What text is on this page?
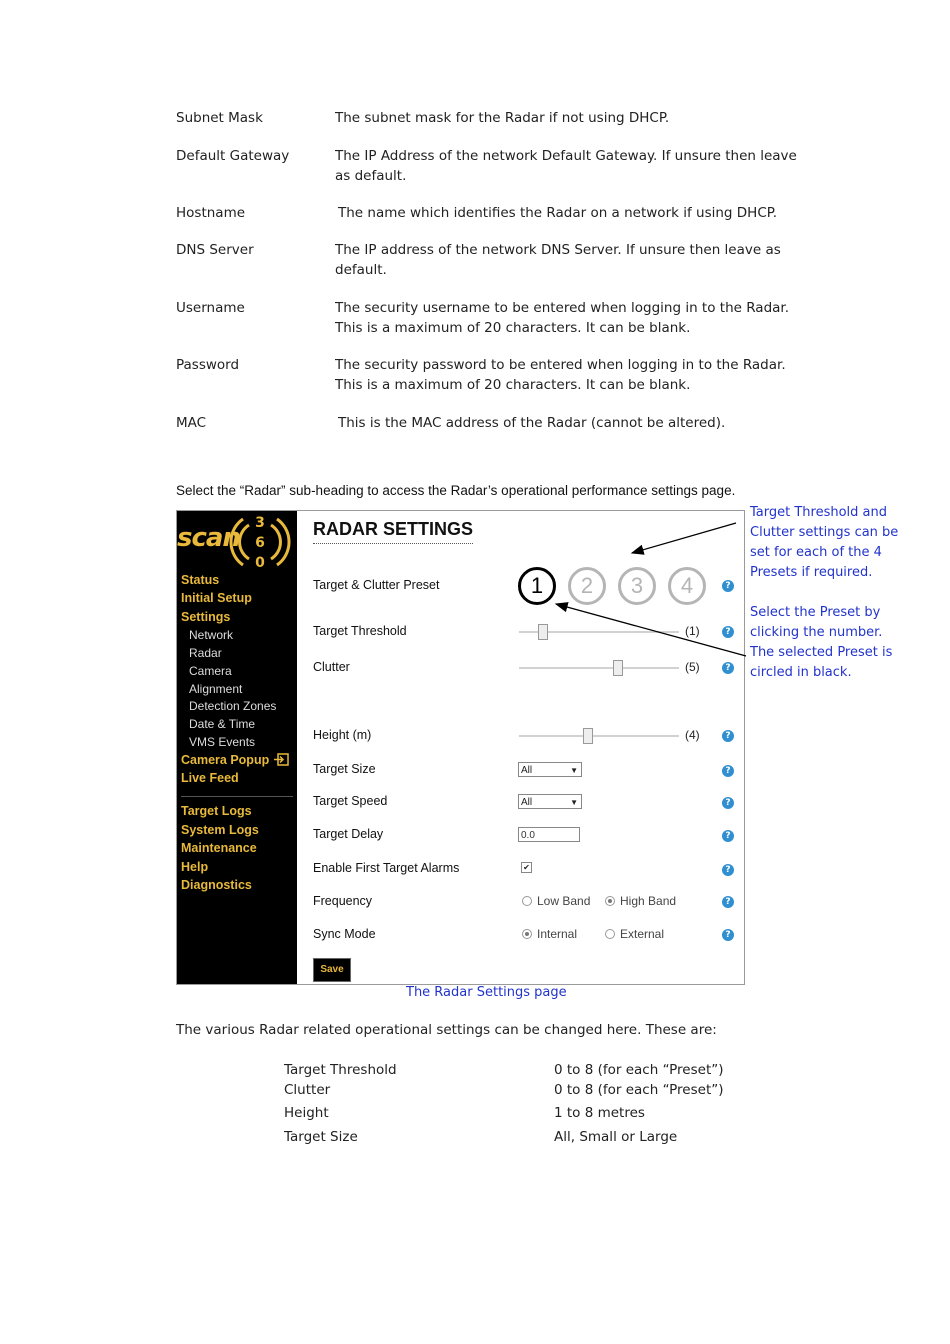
Subnet Mask	The subnet mask for the Radar if not using DHCP.
Default Gateway	The IP Address of the network Default Gateway. If unsure then leave as default.
Hostname	The name which identifies the Radar on a network if using DHCP.
DNS Server	The IP address of the network DNS Server. If unsure then leave as default.
Username	The security username to be entered when logging in to the Radar. This is a maximum of 20 characters. It can be blank.
Password	The security password to be entered when logging in to the Radar. This is a maximum of 20 characters. It can be blank.
MAC	This is the MAC address of the Radar (cannot be altered).
Select the “Radar” sub-heading to access the Radar’s operational performance settings page.
scan 3
6
0
Status
Initial Setup
Settings
Network
Radar
Camera
Alignment
Detection Zones
Date & Time
VMS Events
Camera Popup
Live Feed
Target Logs
System Logs
Maintenance
Help
Diagnostics
RADAR SETTINGS
Target & Clutter Preset	1	2	3	4	?
Target Threshold	(1)	?
Clutter	(5)	?
Height (m)	(4)	?
Target Size	All	▼	?
Target Speed	All	▼	?
Target Delay	0.0	?
Enable First Target Alarms	✔	?
Frequency	Low Band High Band	?
Sync Mode	Internal	External	?
Save
Target Threshold and Clutter settings can be set for each of the 4 Presets if required.
Select the Preset by clicking the number. The selected Preset is circled in black.
The Radar Settings page
The various Radar related operational settings can be changed here. These are:
Target Threshold	0 to 8 (for each “Preset”)
Clutter	0 to 8 (for each “Preset”)
Height	1 to 8 metres
Target Size	All, Small or Large
